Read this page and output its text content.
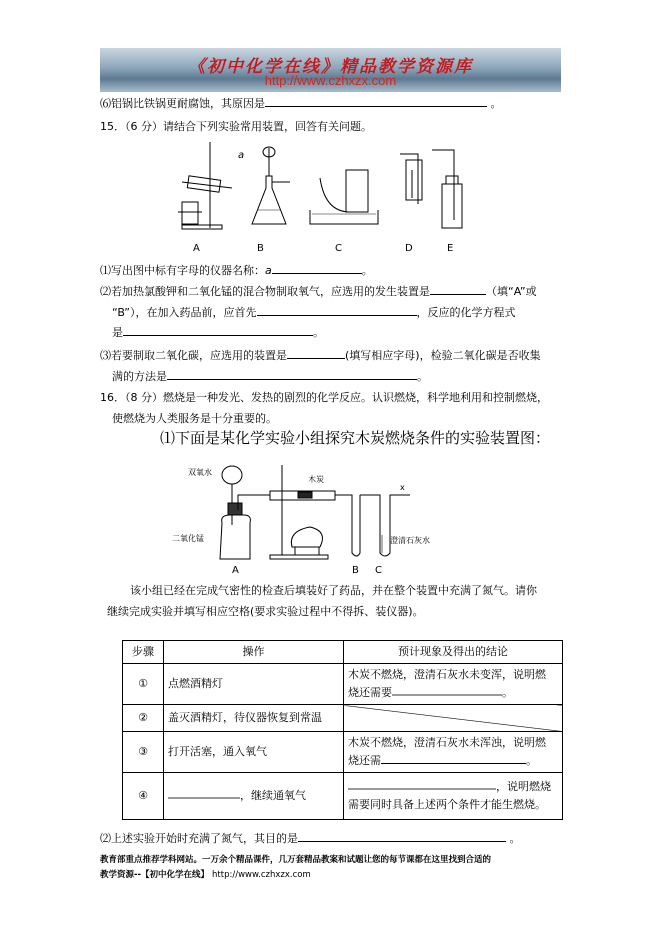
《初中化学在线》精品教学资源库
http://www.czhxzx.com
⑹铝锅比铁锅更耐腐蚀，其原因是	。
15．（6 分）请结合下列实验常用装置，回答有关问题。
a
A	B	C	D	E
⑴写出图中标有字母的仪器名称：a	。
⑵若加热氯酸钾和二氧化锰的混合物制取氧气，应选用的发生装置是	（填“A”或
“B”），在加入药品前，应首先	，反应的化学方程式
是	。
⑶若要制取二氧化碳，应选用的装置是	(填写相应字母)，检验二氧化碳是否收集
满的方法是	。
16．（8 分）燃烧是一种发光、发热的剧烈的化学反应。认识燃烧，科学地利用和控制燃烧，
使燃烧为人类服务是十分重要的。
⑴下面是某化学实验小组探究木炭燃烧条件的实验装置图：
双氧水
二氧化锰
木炭
澄清石灰水
x
A	B C
该小组已经在完成气密性的检查后填装好了药品，并在整个装置中充满了氮气。请你
继续完成实验并填写相应空格(要求实验过程中不得拆、装仪器)。
步骤	操作	预计现象及得出的结论
①	点燃酒精灯	木炭不燃烧，澄清石灰水未变浑，说明燃
烧还需要 。
②	盖灭酒精灯，待仪器恢复到常温	
③	打开活塞，通入氧气	木炭不燃烧，澄清石灰水未浑浊，说明燃
烧还需 。
④	，继续通氧气	，说明燃烧
需要同时具备上述两个条件才能生燃烧。
⑵上述实验开始时充满了氮气，其目的是	。
教育部重点推荐学科网站。一万余个精品课件，几万套精品教案和试题让您的每节课都在这里找到合适的
教学资源--【初中化学在线】 http://www.czhxzx.com
